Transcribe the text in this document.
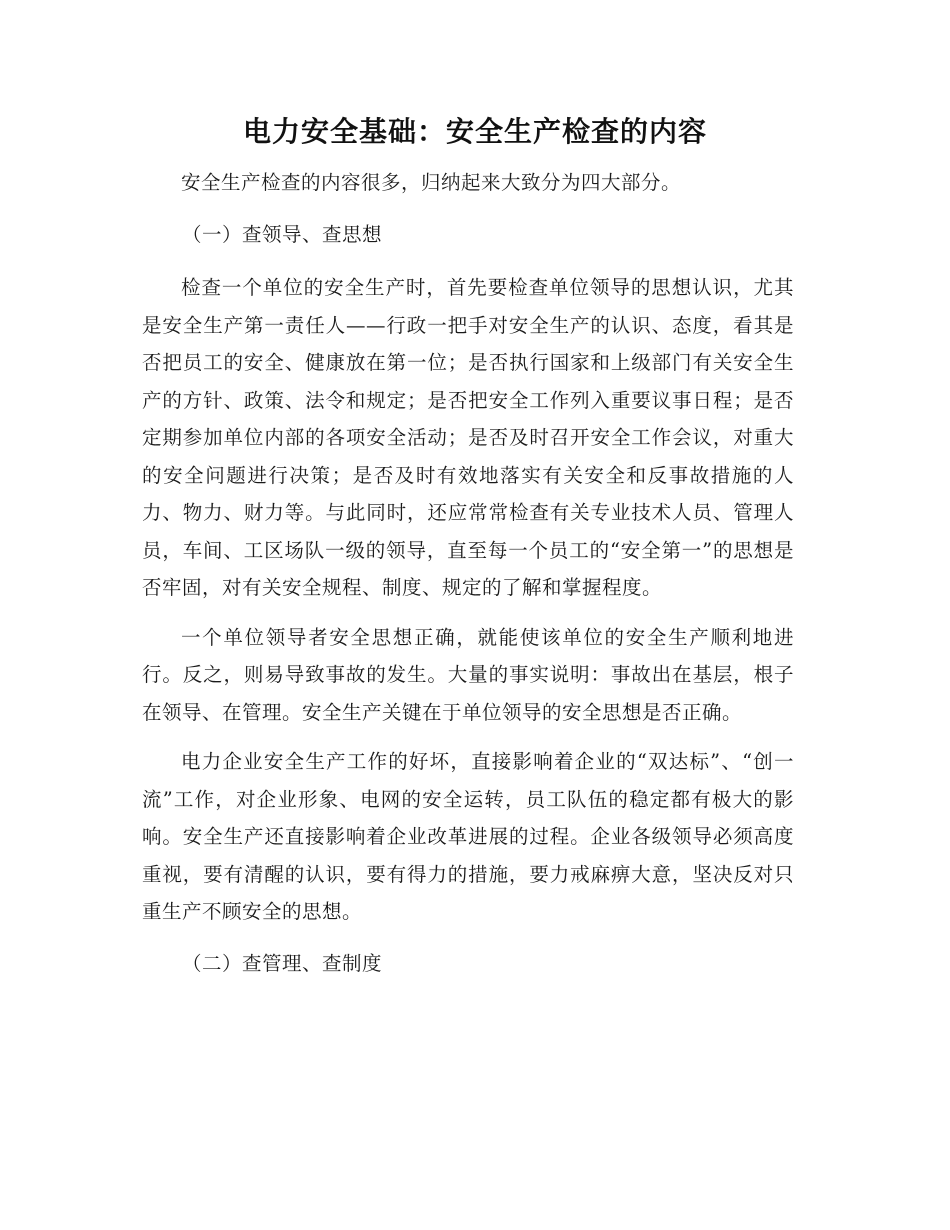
电力安全基础：安全生产检查的内容

安全生产检查的内容很多，归纳起来大致分为四大部分。

（一）查领导、查思想

检查一个单位的安全生产时，首先要检查单位领导的思想认识，尤其是安全生产第一责任人——行政一把手对安全生产的认识、态度，看其是否把员工的安全、健康放在第一位；是否执行国家和上级部门有关安全生产的方针、政策、法令和规定；是否把安全工作列入重要议事日程；是否定期参加单位内部的各项安全活动；是否及时召开安全工作会议，对重大的安全问题进行决策；是否及时有效地落实有关安全和反事故措施的人力、物力、财力等。与此同时，还应常常检查有关专业技术人员、管理人员，车间、工区场队一级的领导，直至每一个员工的“安全第一”的思想是否牢固，对有关安全规程、制度、规定的了解和掌握程度。

一个单位领导者安全思想正确，就能使该单位的安全生产顺利地进行。反之，则易导致事故的发生。大量的事实说明：事故出在基层，根子在领导、在管理。安全生产关键在于单位领导的安全思想是否正确。

电力企业安全生产工作的好坏，直接影响着企业的“双达标”、“创一流”工作，对企业形象、电网的安全运转，员工队伍的稳定都有极大的影响。安全生产还直接影响着企业改革进展的过程。企业各级领导必须高度重视，要有清醒的认识，要有得力的措施，要力戒麻痹大意，坚决反对只重生产不顾安全的思想。

（二）查管理、查制度
